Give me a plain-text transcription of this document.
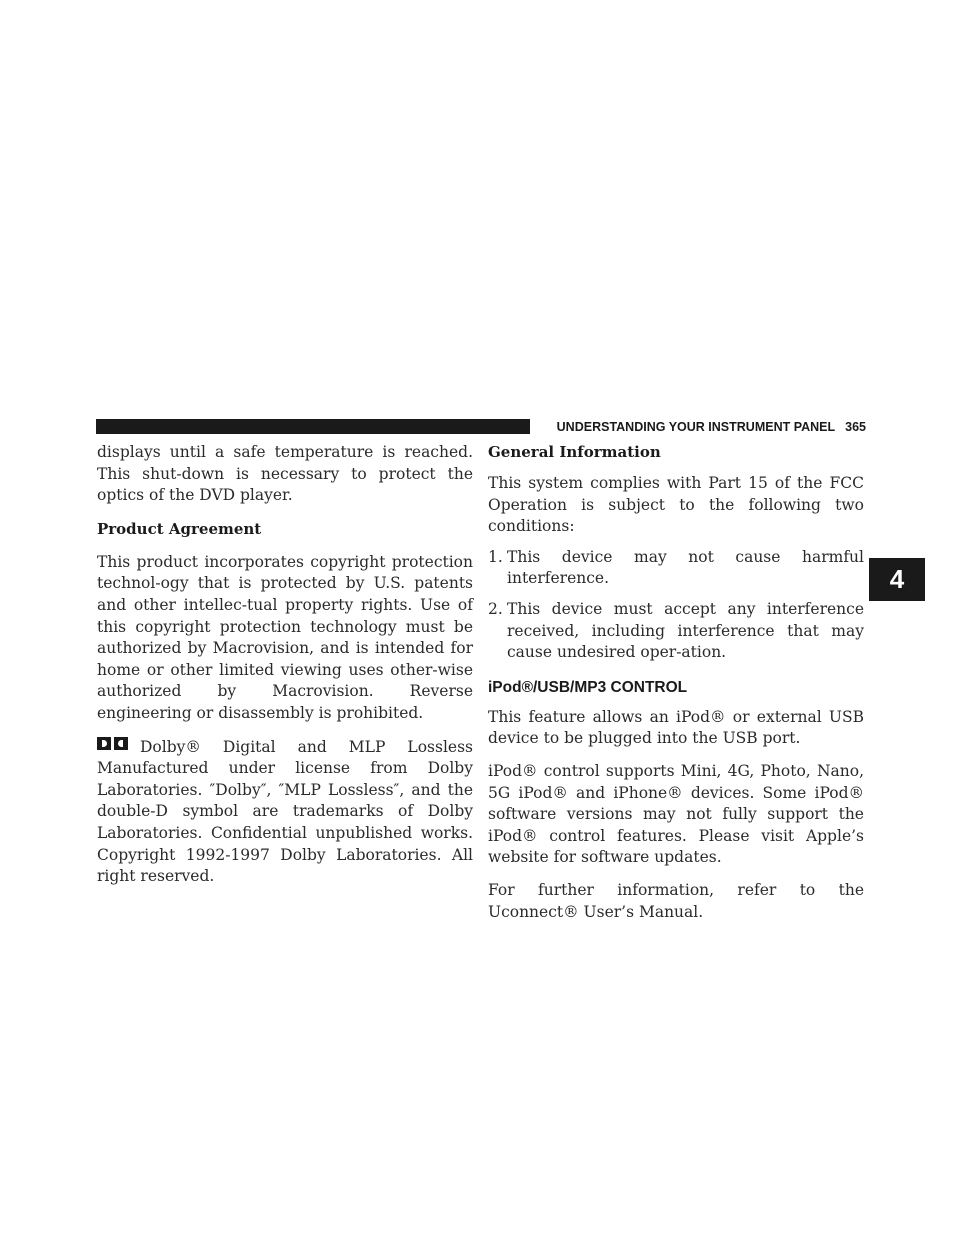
UNDERSTANDING YOUR INSTRUMENT PANEL 365

displays until a safe temperature is reached. This shut-down is necessary to protect the optics of the DVD player.

Product Agreement

This product incorporates copyright protection technol-ogy that is protected by U.S. patents and other intellec-tual property rights. Use of this copyright protection technology must be authorized by Macrovision, and is intended for home or other limited viewing uses other-wise authorized by Macrovision. Reverse engineering or disassembly is prohibited.

Dolby® Digital and MLP Lossless Manufactured under license from Dolby Laboratories. ″Dolby″, ″MLP Lossless″, and the double-D symbol are trademarks of Dolby Laboratories. Confidential unpublished works. Copyright 1992-1997 Dolby Laboratories. All right reserved.

General Information

This system complies with Part 15 of the FCC Operation is subject to the following two conditions:

1. This device may not cause harmful interference.
2. This device must accept any interference received, including interference that may cause undesired oper-ation.
iPod®/USB/MP3 CONTROL

This feature allows an iPod® or external USB device to be plugged into the USB port.

iPod® control supports Mini, 4G, Photo, Nano, 5G iPod® and iPhone® devices. Some iPod® software versions may not fully support the iPod® control features. Please visit Apple’s website for software updates.

For further information, refer to the Uconnect® User’s Manual.

4
